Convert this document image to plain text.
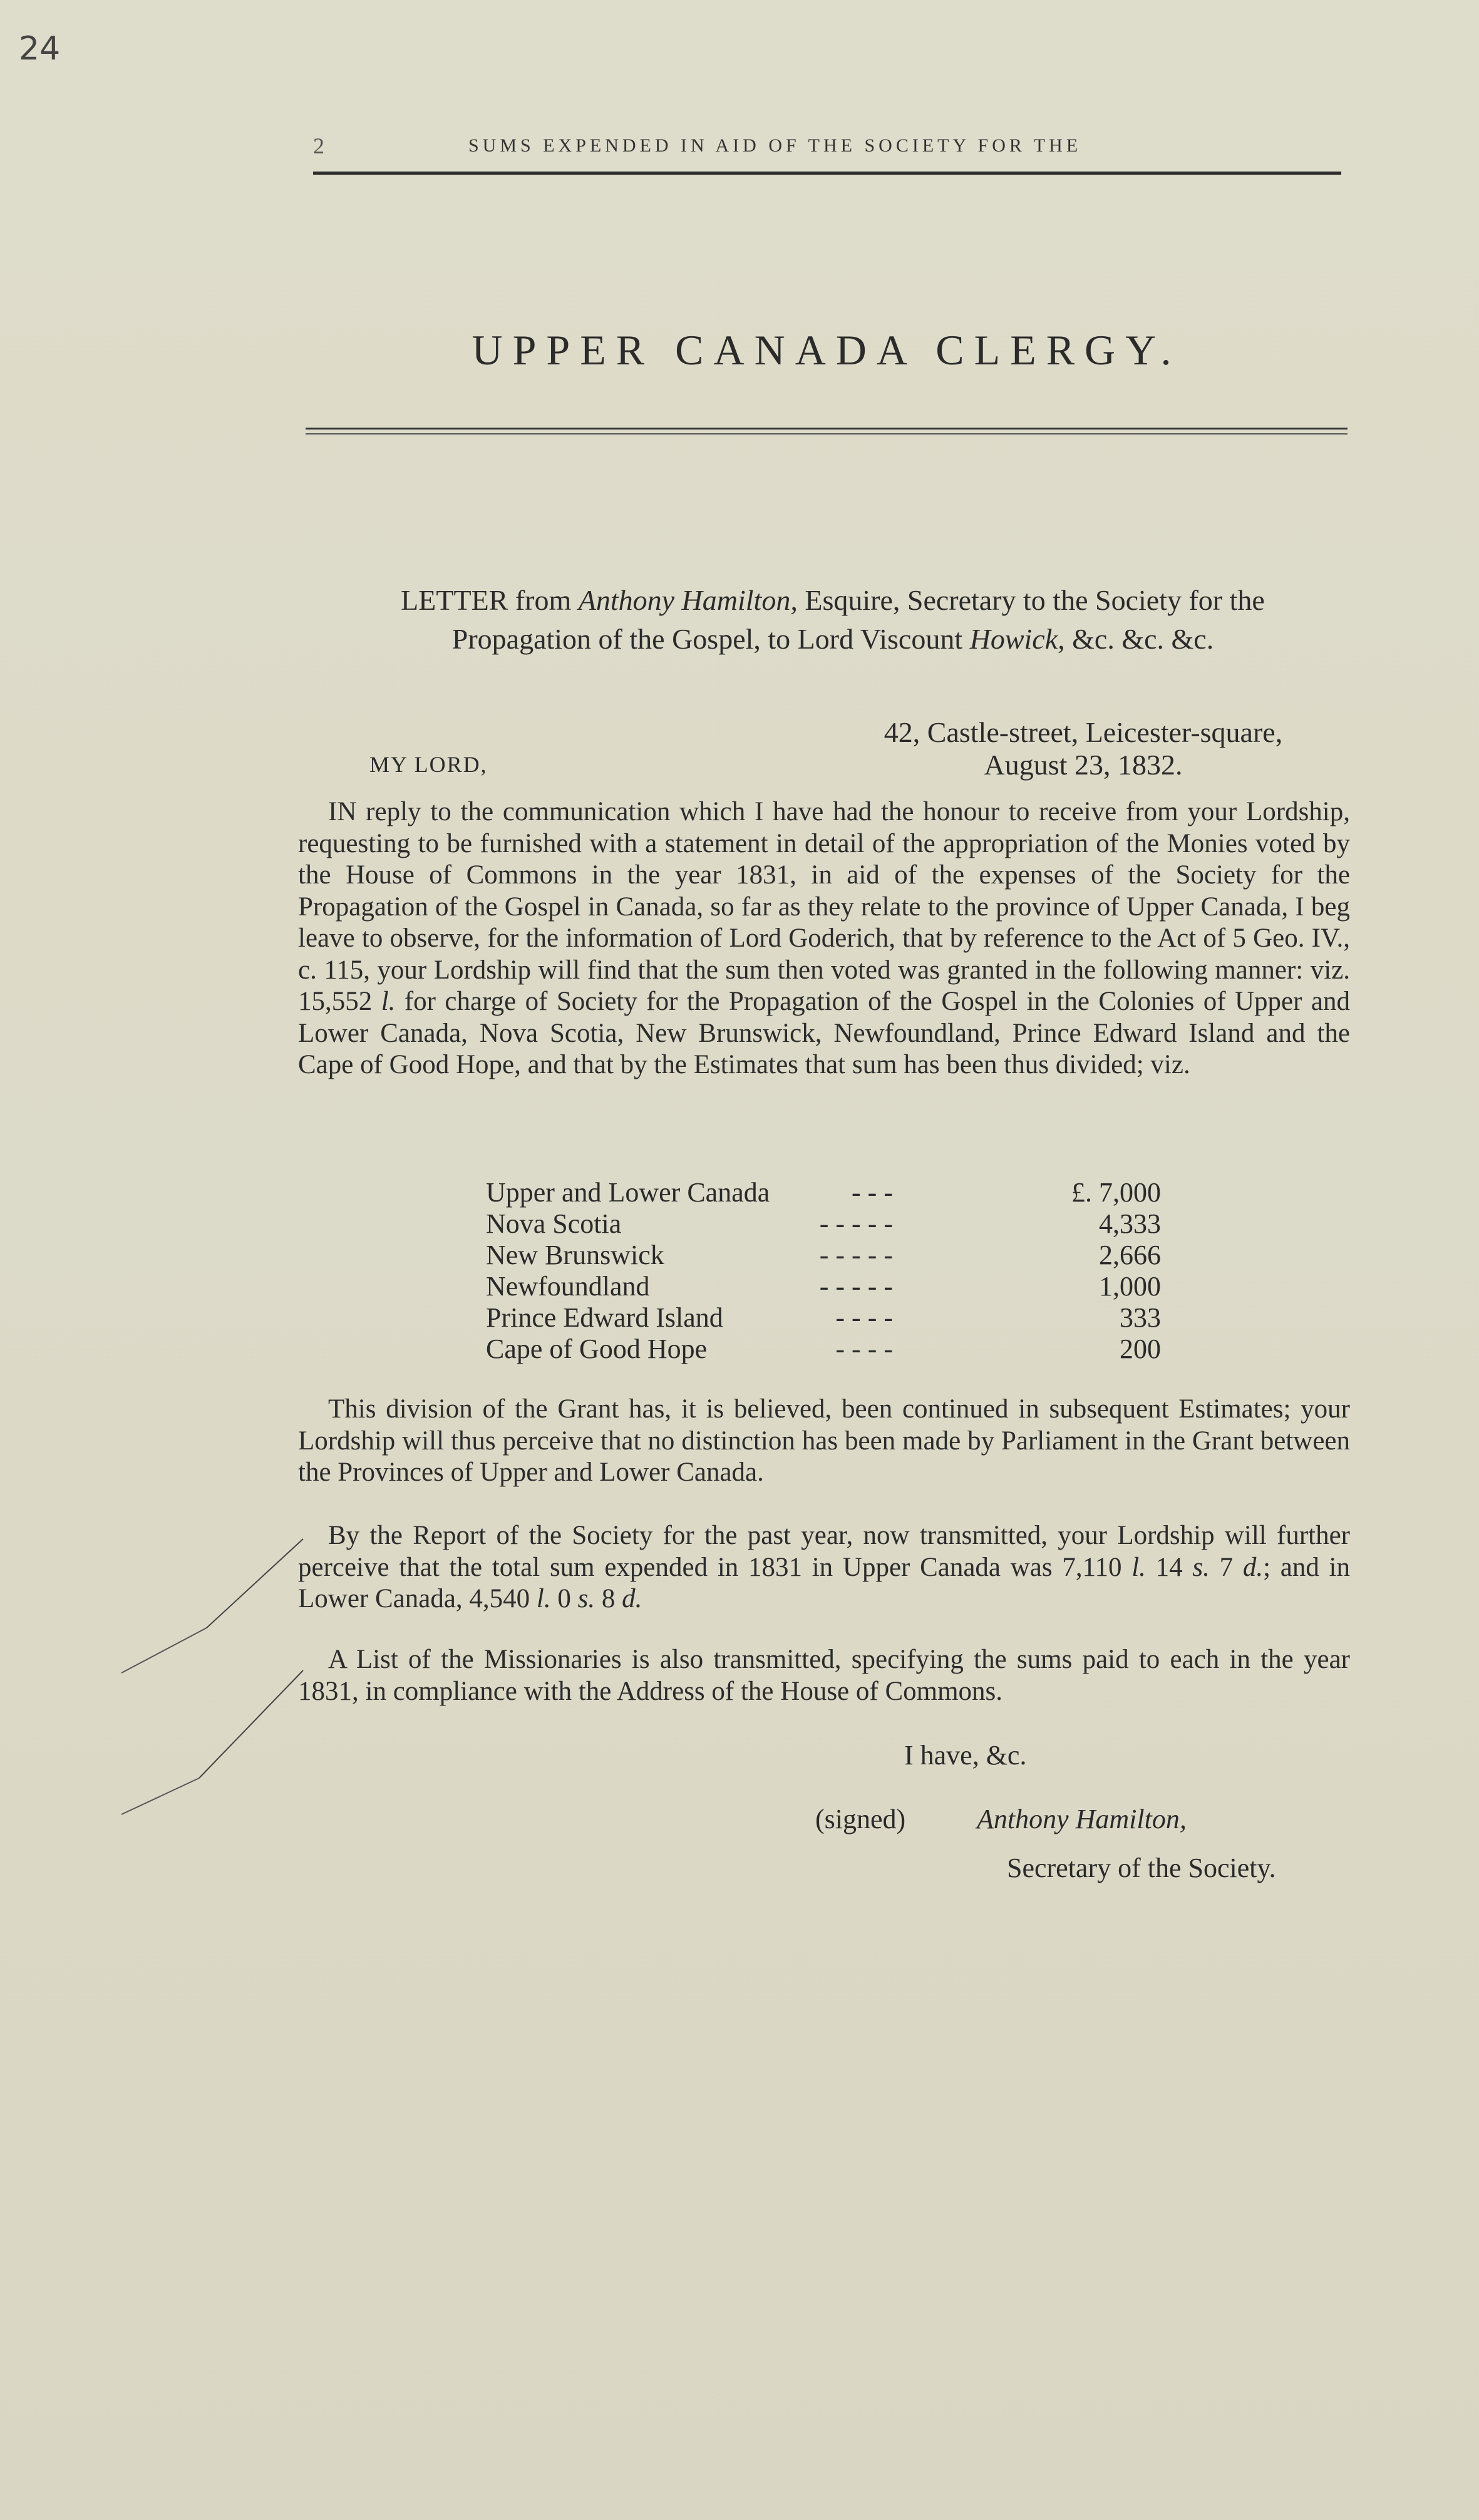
24
2	SUMS EXPENDED IN AID OF THE SOCIETY FOR THE
UPPER CANADA CLERGY.
LETTER from Anthony Hamilton, Esquire, Secretary to the Society for the
Propagation of the Gospel, to Lord Viscount Howick, &c. &c. &c.
42, Castle-street, Leicester-square,
August 23, 1832.
MY LORD,
IN reply to the communication which I have had the honour to receive from your Lordship, requesting to be furnished with a statement in detail of the appropriation of the Monies voted by the House of Commons in the year 1831, in aid of the expenses of the Society for the Propagation of the Gospel in Canada, so far as they relate to the province of Upper Canada, I beg leave to observe, for the information of Lord Goderich, that by reference to the Act of 5 Geo. IV., c. 115, your Lordship will find that the sum then voted was granted in the following manner: viz. 15,552 l. for charge of Society for the Propagation of the Gospel in the Colonies of Upper and Lower Canada, Nova Scotia, New Brunswick, Newfoundland, Prince Edward Island and the Cape of Good Hope, and that by the Estimates that sum has been thus divided; viz.
Upper and Lower Canada	- - -	£. 7,000
Nova Scotia	- - - - -	4,333
New Brunswick	- - - - -	2,666
Newfoundland	- - - - -	1,000
Prince Edward Island	- - - -	333
Cape of Good Hope	- - - -	200
This division of the Grant has, it is believed, been continued in subsequent Estimates; your Lordship will thus perceive that no distinction has been made by Parliament in the Grant between the Provinces of Upper and Lower Canada.
By the Report of the Society for the past year, now transmitted, your Lordship will further perceive that the total sum expended in 1831 in Upper Canada was 7,110 l. 14 s. 7 d.; and in Lower Canada, 4,540 l. 0 s. 8 d.
A List of the Missionaries is also transmitted, specifying the sums paid to each in the year 1831, in compliance with the Address of the House of Commons.
I have, &c.
(signed)	Anthony Hamilton,
Secretary of the Society.
